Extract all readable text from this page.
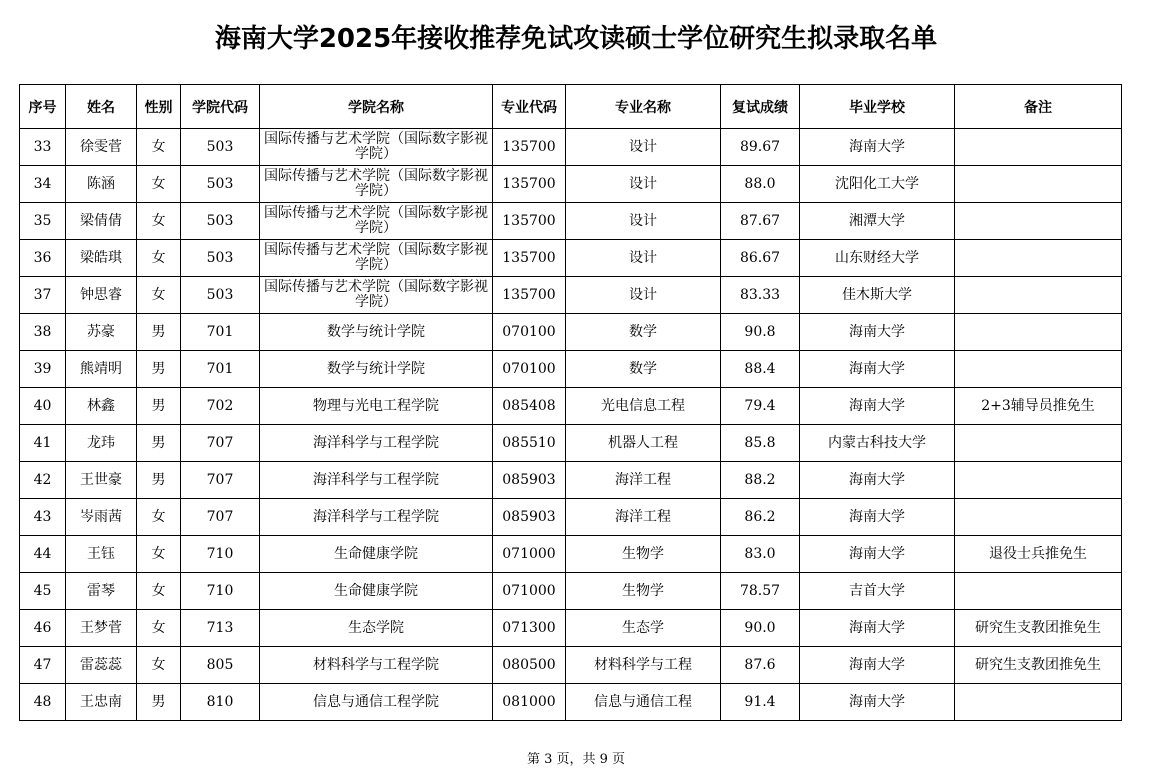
海南大学2025年接收推荐免试攻读硕士学位研究生拟录取名单
序号	姓名	性别	学院代码	学院名称	专业代码	专业名称	复试成绩	毕业学校	备注
33	徐雯菅	女	503	国际传播与艺术学院（国际数字影视学院）	135700	设计	89.67	海南大学	
34	陈涵	女	503	国际传播与艺术学院（国际数字影视学院）	135700	设计	88.0	沈阳化工大学	
35	梁倩倩	女	503	国际传播与艺术学院（国际数字影视学院）	135700	设计	87.67	湘潭大学	
36	梁皓琪	女	503	国际传播与艺术学院（国际数字影视学院）	135700	设计	86.67	山东财经大学	
37	钟思睿	女	503	国际传播与艺术学院（国际数字影视学院）	135700	设计	83.33	佳木斯大学	
38	苏豪	男	701	数学与统计学院	070100	数学	90.8	海南大学	
39	熊靖明	男	701	数学与统计学院	070100	数学	88.4	海南大学	
40	林鑫	男	702	物理与光电工程学院	085408	光电信息工程	79.4	海南大学	2+3辅导员推免生
41	龙玮	男	707	海洋科学与工程学院	085510	机器人工程	85.8	内蒙古科技大学	
42	王世豪	男	707	海洋科学与工程学院	085903	海洋工程	88.2	海南大学	
43	岑雨茜	女	707	海洋科学与工程学院	085903	海洋工程	86.2	海南大学	
44	王钰	女	710	生命健康学院	071000	生物学	83.0	海南大学	退役士兵推免生
45	雷琴	女	710	生命健康学院	071000	生物学	78.57	吉首大学	
46	王梦菅	女	713	生态学院	071300	生态学	90.0	海南大学	研究生支教团推免生
47	雷蕊蕊	女	805	材料科学与工程学院	080500	材料科学与工程	87.6	海南大学	研究生支教团推免生
48	王忠南	男	810	信息与通信工程学院	081000	信息与通信工程	91.4	海南大学	
第 3 页，共 9 页
